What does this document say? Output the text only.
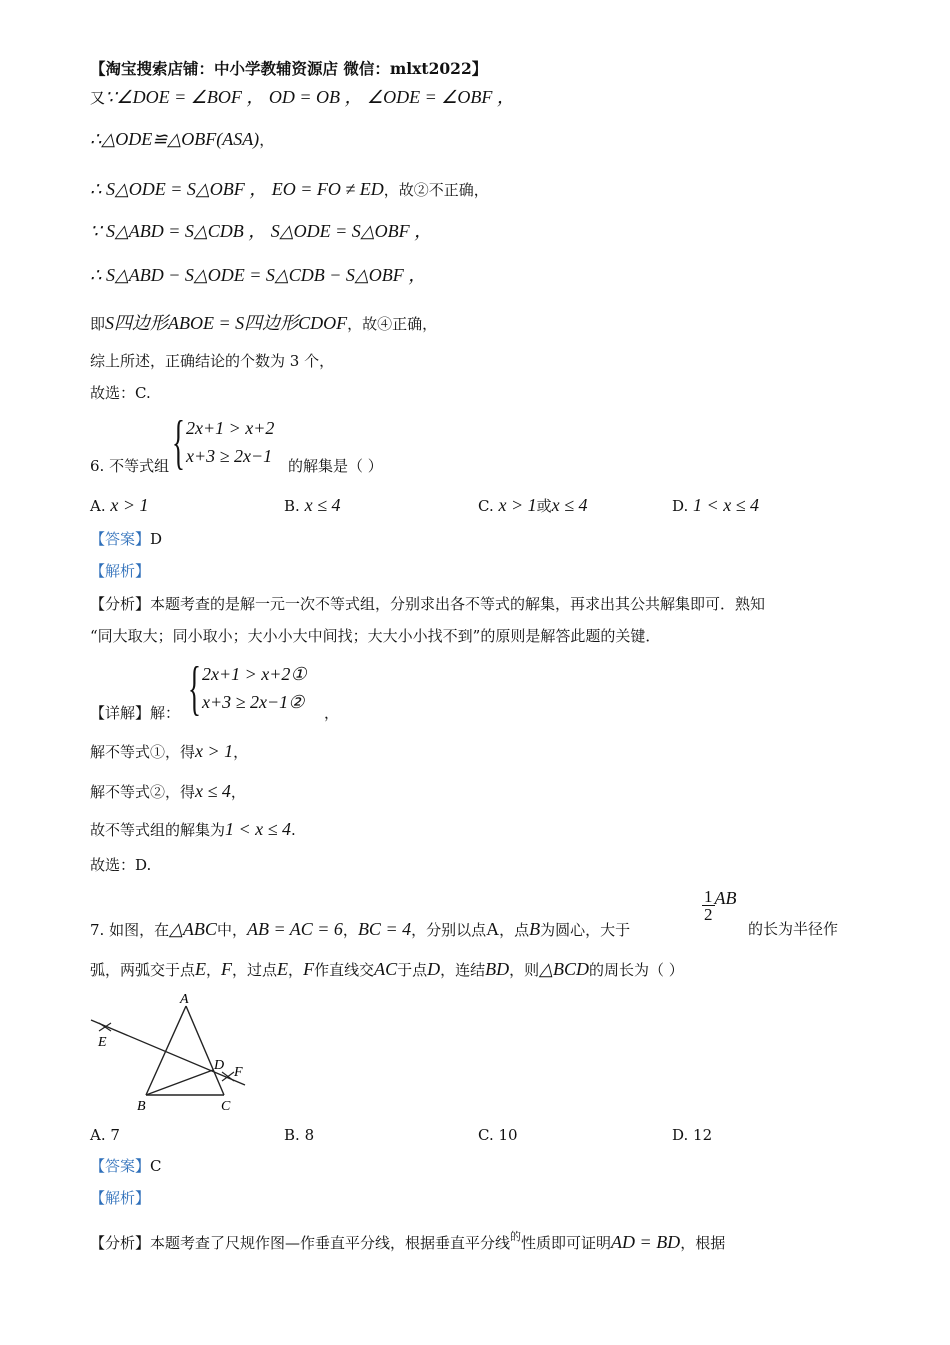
【淘宝搜索店铺：中小学教辅资源店 微信：mlxt2022】
又∵∠DOE = ∠BOF ， OD = OB ， ∠ODE = ∠OBF ，
∴△ODE≌△OBF(ASA)，
∴ S△ODE = S△OBF ， EO = FO ≠ ED，故②不正确，
∵ S△ABD = S△CDB ， S△ODE = S△OBF ，
∴ S△ABD − S△ODE = S△CDB − S△OBF ，
即S四边形ABOE = S四边形CDOF，故④正确，
综上所述，正确结论的个数为 3 个，
故选：C.
{ 2x+1 > x+2
x+3 ≥ 2x−1
6. 不等式组	的解集是（ ）
A. x > 1	B. x ≤ 4	C. x > 1或x ≤ 4	D. 1 < x ≤ 4
【答案】D
【解析】
【分析】本题考查的是解一元一次不等式组，分别求出各不等式的解集，再求出其公共解集即可．熟知
“同大取大；同小取小；大小小大中间找；大大小小找不到”的原则是解答此题的关键．
{ 2x+1 > x+2①
x+3 ≥ 2x−1②
【详解】解：	，
解不等式①，得x > 1，
解不等式②，得x ≤ 4，
故不等式组的解集为1 < x ≤ 4.
故选：D.
7. 如图，在△ABC中，AB = AC = 6，BC = 4，分别以点A，点B为圆心，大于
$\frac{1}{2}$ AB
的长为半径作
弧，两弧交于点E，F，过点E，F作直线交AC于点D，连结BD，则△BCD的周长为（ ）
A
B	C
D
E
F
A. 7	B. 8	C. 10	D. 12
【答案】C
【解析】
【分析】本题考查了尺规作图—作垂直平分线，根据垂直平分线$^的$性质即可证明AD = BD，根据
